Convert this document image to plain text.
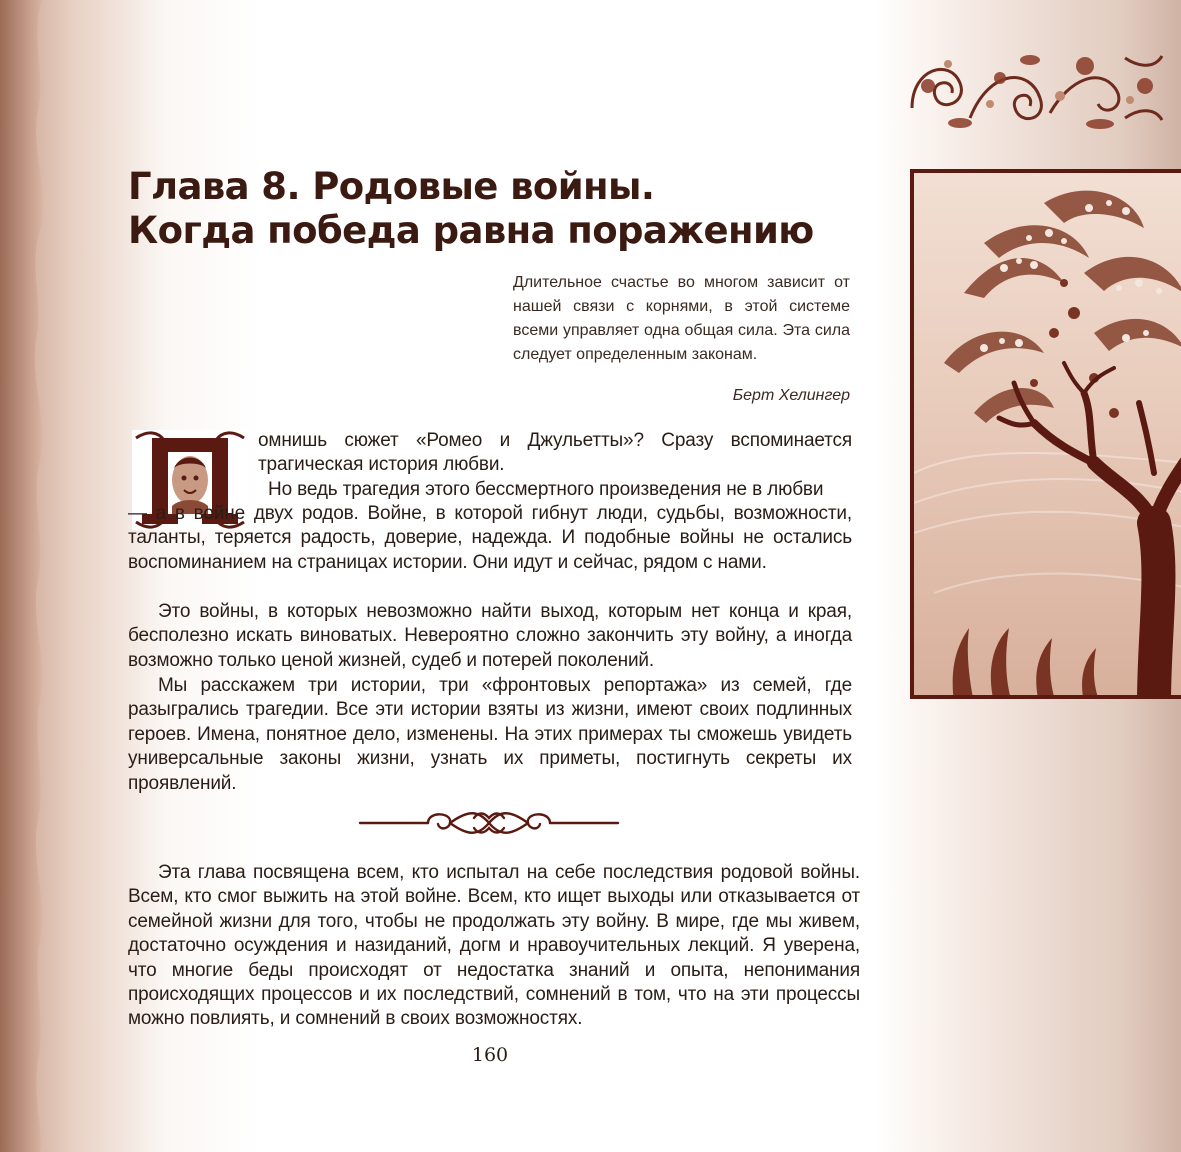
Глава 8. Родовые войны.
Когда победа равна поражению

Длительное счастье во многом зависит от нашей связи с корнями, в этой системе всеми управляет одна общая сила. Эта сила следует определенным законам.

Берт Хелингер

омнишь сюжет «Ромео и Джульетты»? Сразу вспоминается трагическая история любви.

Но ведь трагедия этого бессмертного произведения не в любви

— а в войне двух родов. Войне, в которой гибнут люди, судьбы, возможности, таланты, теряется радость, доверие, надежда. И подобные войны не остались воспоминанием на страницах истории. Они идут и сейчас, рядом с нами.

Это войны, в которых невозможно найти выход, которым нет конца и края, бесполезно искать виноватых. Невероятно сложно закончить эту войну, а иногда возможно только ценой жизней, судеб и потерей поколений.

Мы расскажем три истории, три «фронтовых репортажа» из семей, где разыгрались трагедии. Все эти истории взяты из жизни, имеют своих подлинных героев. Имена, понятное дело, изменены. На этих примерах ты сможешь увидеть универсальные законы жизни, узнать их приметы, постигнуть секреты их проявлений.

Эта глава посвящена всем, кто испытал на себе последствия родовой войны. Всем, кто смог выжить на этой войне. Всем, кто ищет выходы или отказывается от семейной жизни для того, чтобы не продолжать эту войну. В мире, где мы живем, достаточно осуждения и назиданий, догм и нравоучительных лекций. Я уверена, что многие беды происходят от недостатка знаний и опыта, непонимания происходящих процессов и их последствий, сомнений в том, что на эти процессы можно повлиять, и сомнений в своих возможностях.

160
